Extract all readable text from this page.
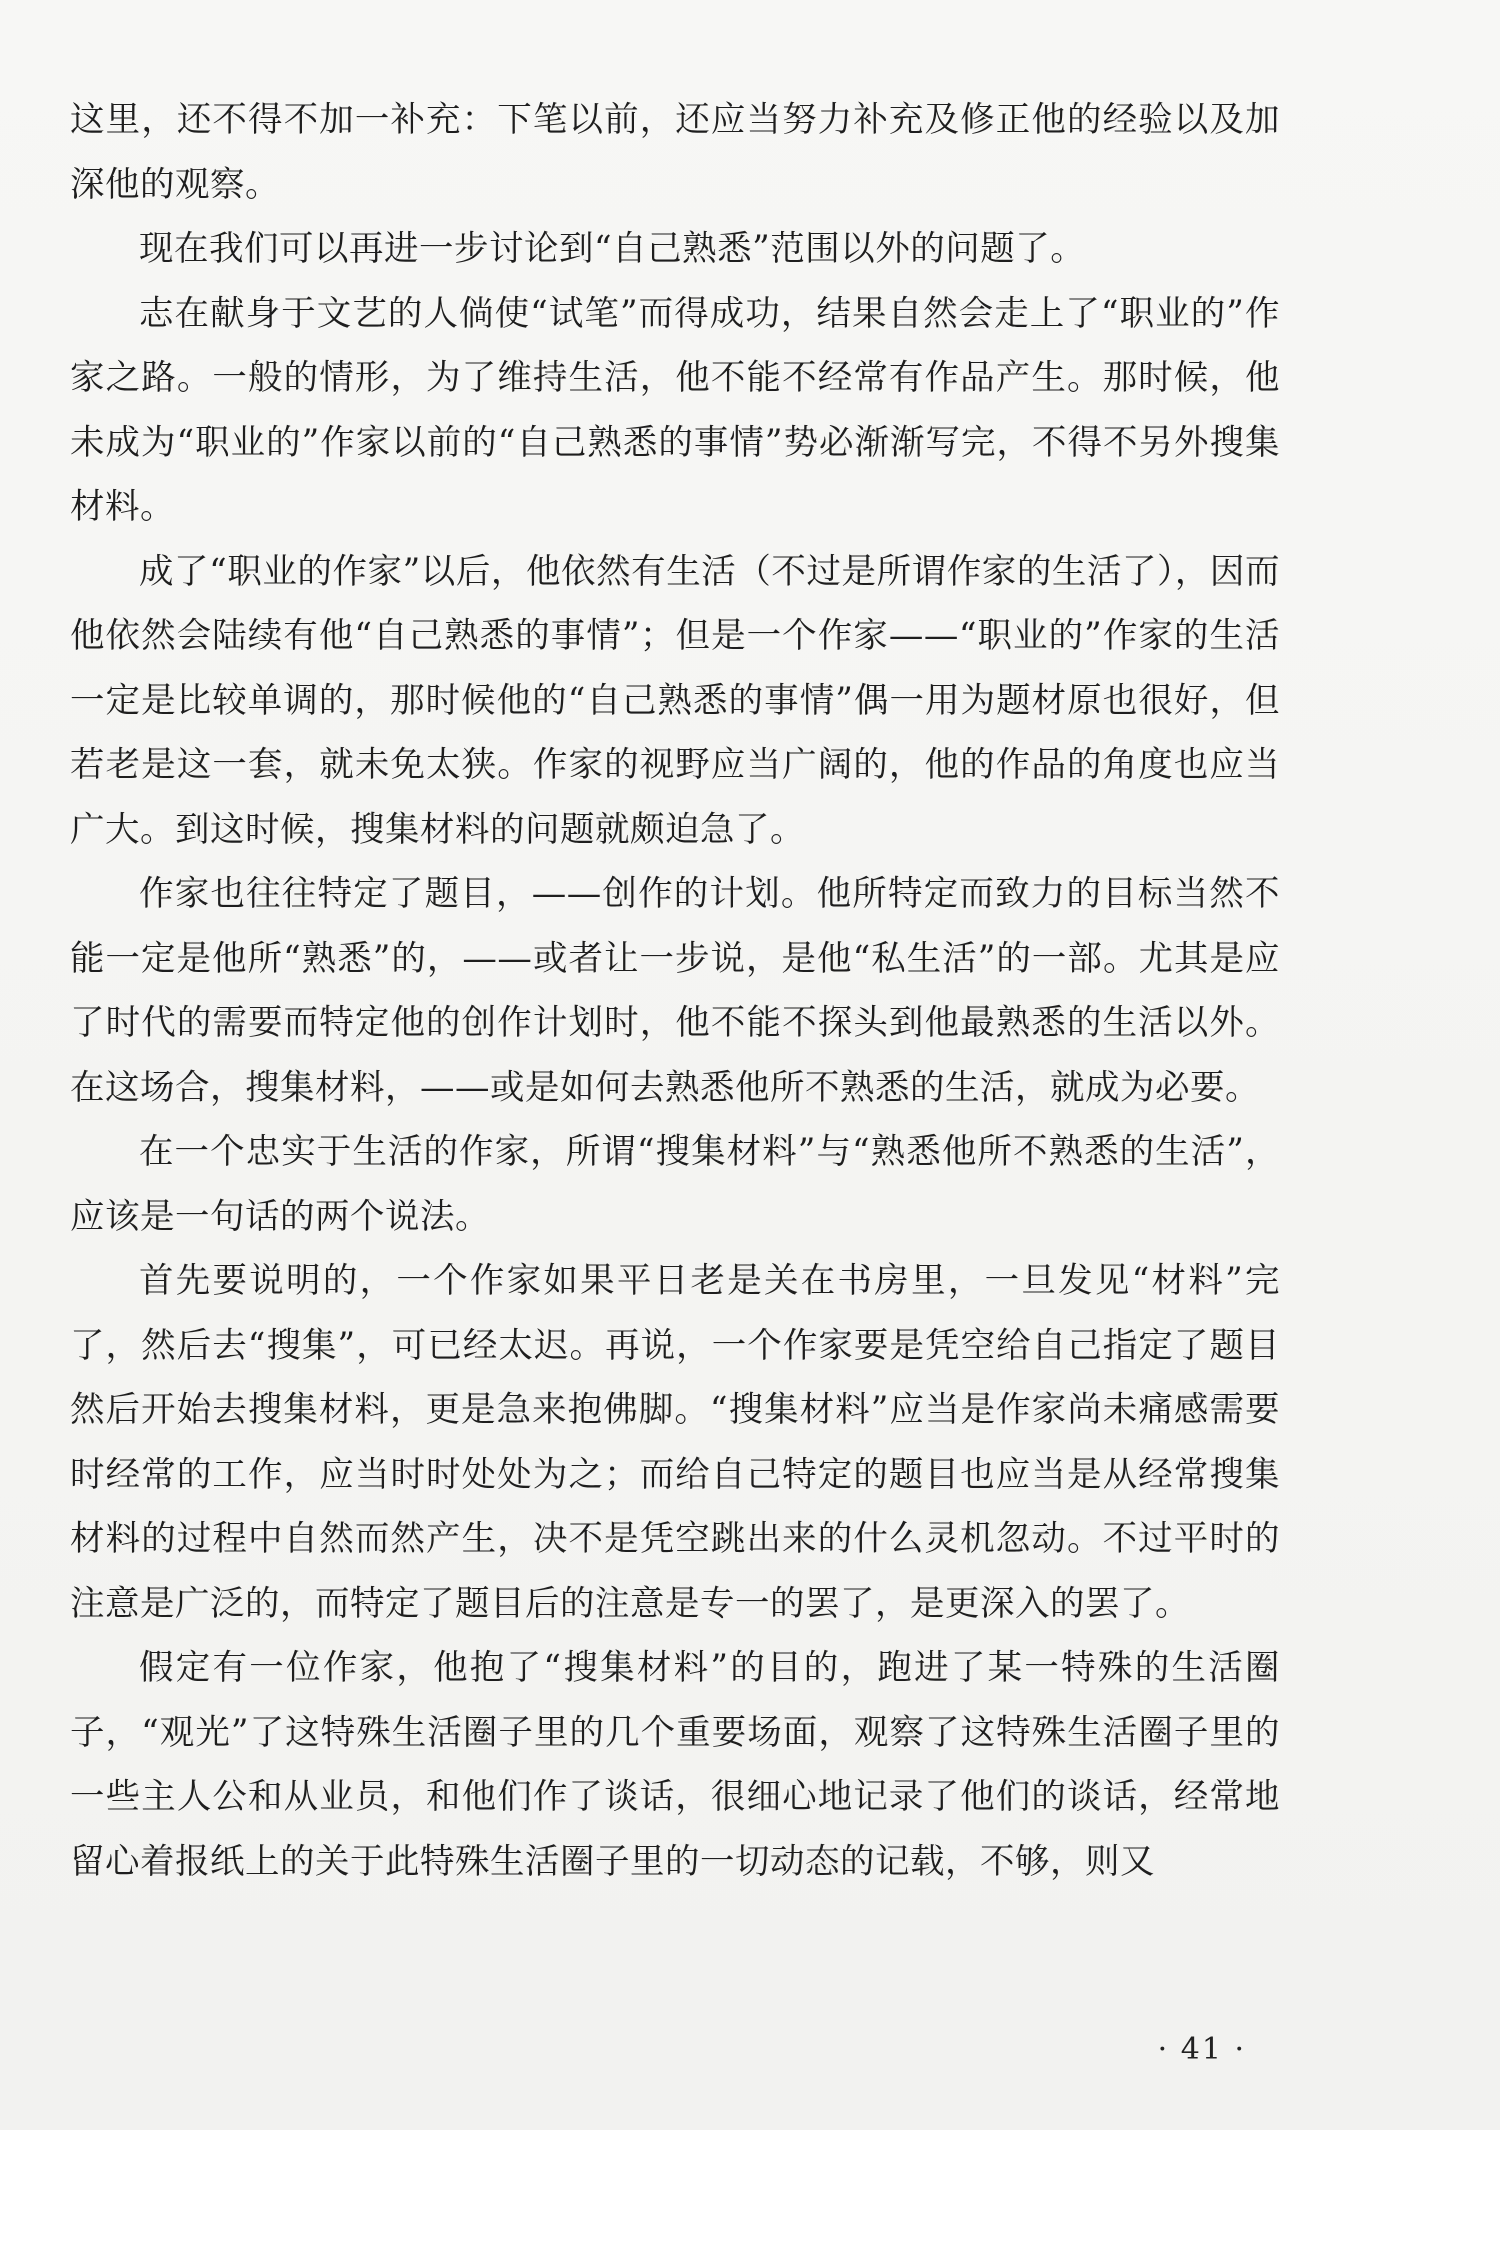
这里，还不得不加一补充：下笔以前，还应当努力补充及修正他的经验以及加深他的观察。

现在我们可以再进一步讨论到“自己熟悉”范围以外的问题了。

志在献身于文艺的人倘使“试笔”而得成功，结果自然会走上了“职业的”作家之路。一般的情形，为了维持生活，他不能不经常有作品产生。那时候，他未成为“职业的”作家以前的“自己熟悉的事情”势必渐渐写完，不得不另外搜集材料。

成了“职业的作家”以后，他依然有生活（不过是所谓作家的生活了），因而他依然会陆续有他“自己熟悉的事情”；但是一个作家——“职业的”作家的生活一定是比较单调的，那时候他的“自己熟悉的事情”偶一用为题材原也很好，但若老是这一套，就未免太狭。作家的视野应当广阔的，他的作品的角度也应当广大。到这时候，搜集材料的问题就颇迫急了。

作家也往往特定了题目，——创作的计划。他所特定而致力的目标当然不能一定是他所“熟悉”的，——或者让一步说，是他“私生活”的一部。尤其是应了时代的需要而特定他的创作计划时，他不能不探头到他最熟悉的生活以外。在这场合，搜集材料，——或是如何去熟悉他所不熟悉的生活，就成为必要。

在一个忠实于生活的作家，所谓“搜集材料”与“熟悉他所不熟悉的生活”，应该是一句话的两个说法。

首先要说明的，一个作家如果平日老是关在书房里，一旦发见“材料”完了，然后去“搜集”，可已经太迟。再说，一个作家要是凭空给自己指定了题目然后开始去搜集材料，更是急来抱佛脚。“搜集材料”应当是作家尚未痛感需要时经常的工作，应当时时处处为之；而给自己特定的题目也应当是从经常搜集材料的过程中自然而然产生，决不是凭空跳出来的什么灵机忽动。不过平时的注意是广泛的，而特定了题目后的注意是专一的罢了，是更深入的罢了。

假定有一位作家，他抱了“搜集材料”的目的，跑进了某一特殊的生活圈子，“观光”了这特殊生活圈子里的几个重要场面，观察了这特殊生活圈子里的一些主人公和从业员，和他们作了谈话，很细心地记录了他们的谈话，经常地留心着报纸上的关于此特殊生活圈子里的一切动态的记载，不够，则又

· 41 ·
